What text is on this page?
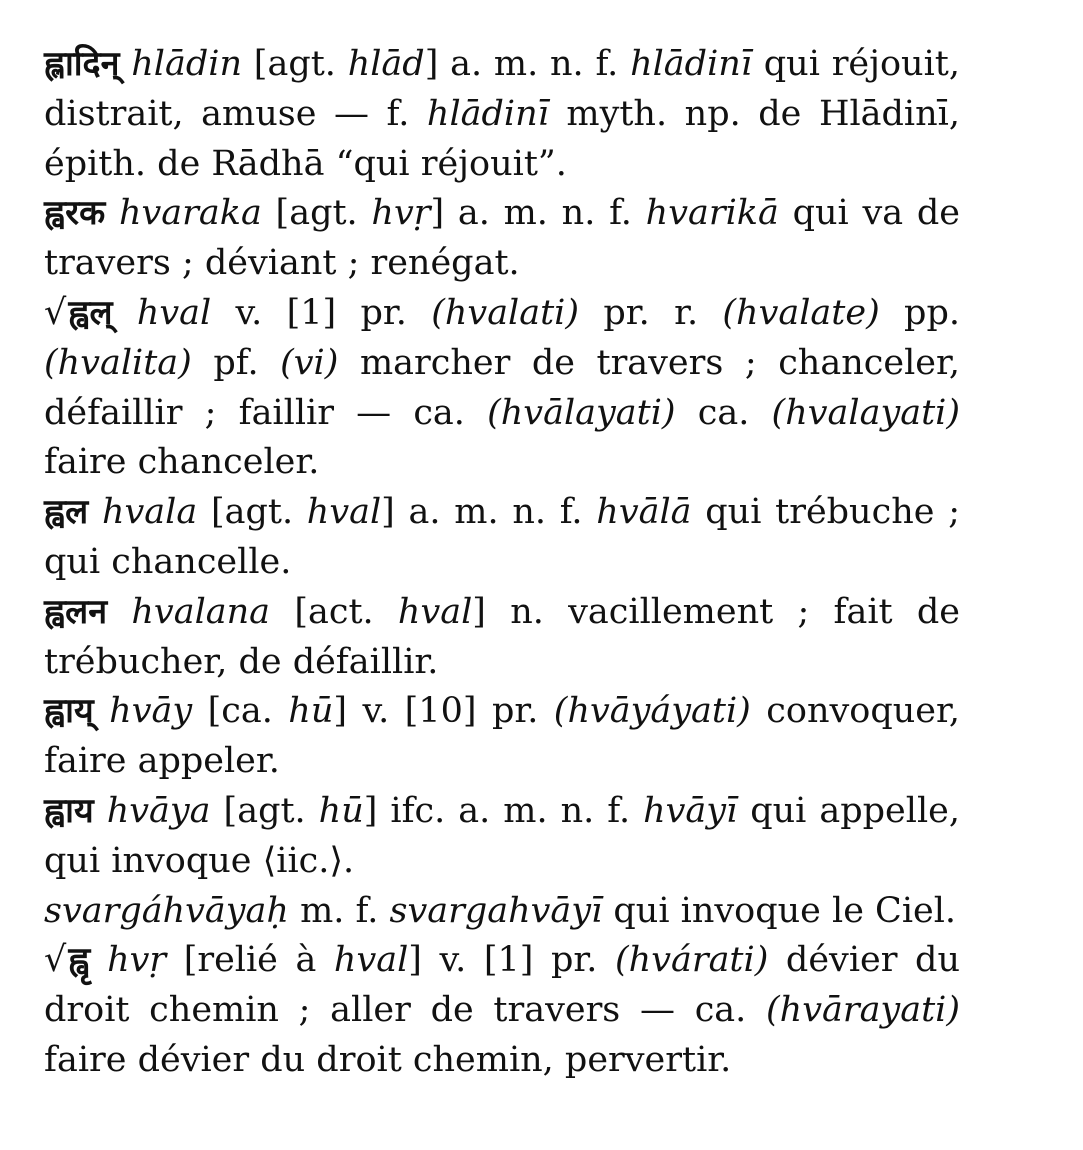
ह्लादिन् hlādin [agt. hlād] a. m. n. f. hlādinī qui réjouit, distrait, amuse — f. hlādinī myth. np. de Hlādinī, épith. de Rādhā “qui réjouit”.

ह्वरक hvaraka [agt. hvṛ] a. m. n. f. hvarikā qui va de travers ; déviant ; renégat.

√ह्वल् hval v. [1] pr. (hvalati) pr. r. (hvalate) pp. (hvalita) pf. (vi) marcher de travers ; chanceler, défaillir ; faillir — ca. (hvālayati) ca. (hvalayati) faire chanceler.

ह्वल hvala [agt. hval] a. m. n. f. hvālā qui trébuche ; qui chancelle.

ह्वलन hvalana [act. hval] n. vacillement ; fait de trébucher, de défaillir.

ह्वाय् hvāy [ca. hū] v. [10] pr. (hvāyáyati) convoquer, faire appeler.

ह्वाय hvāya [agt. hū] ifc. a. m. n. f. hvāyī qui appelle, qui invoque ⟨iic.⟩.

svargáhvāyaḥ m. f. svargahvāyī qui invoque le Ciel.

√ह्वृ hvṛ [relié à hval] v. [1] pr. (hvárati) dévier du droit chemin ; aller de travers — ca. (hvārayati) faire dévier du droit chemin, pervertir.
